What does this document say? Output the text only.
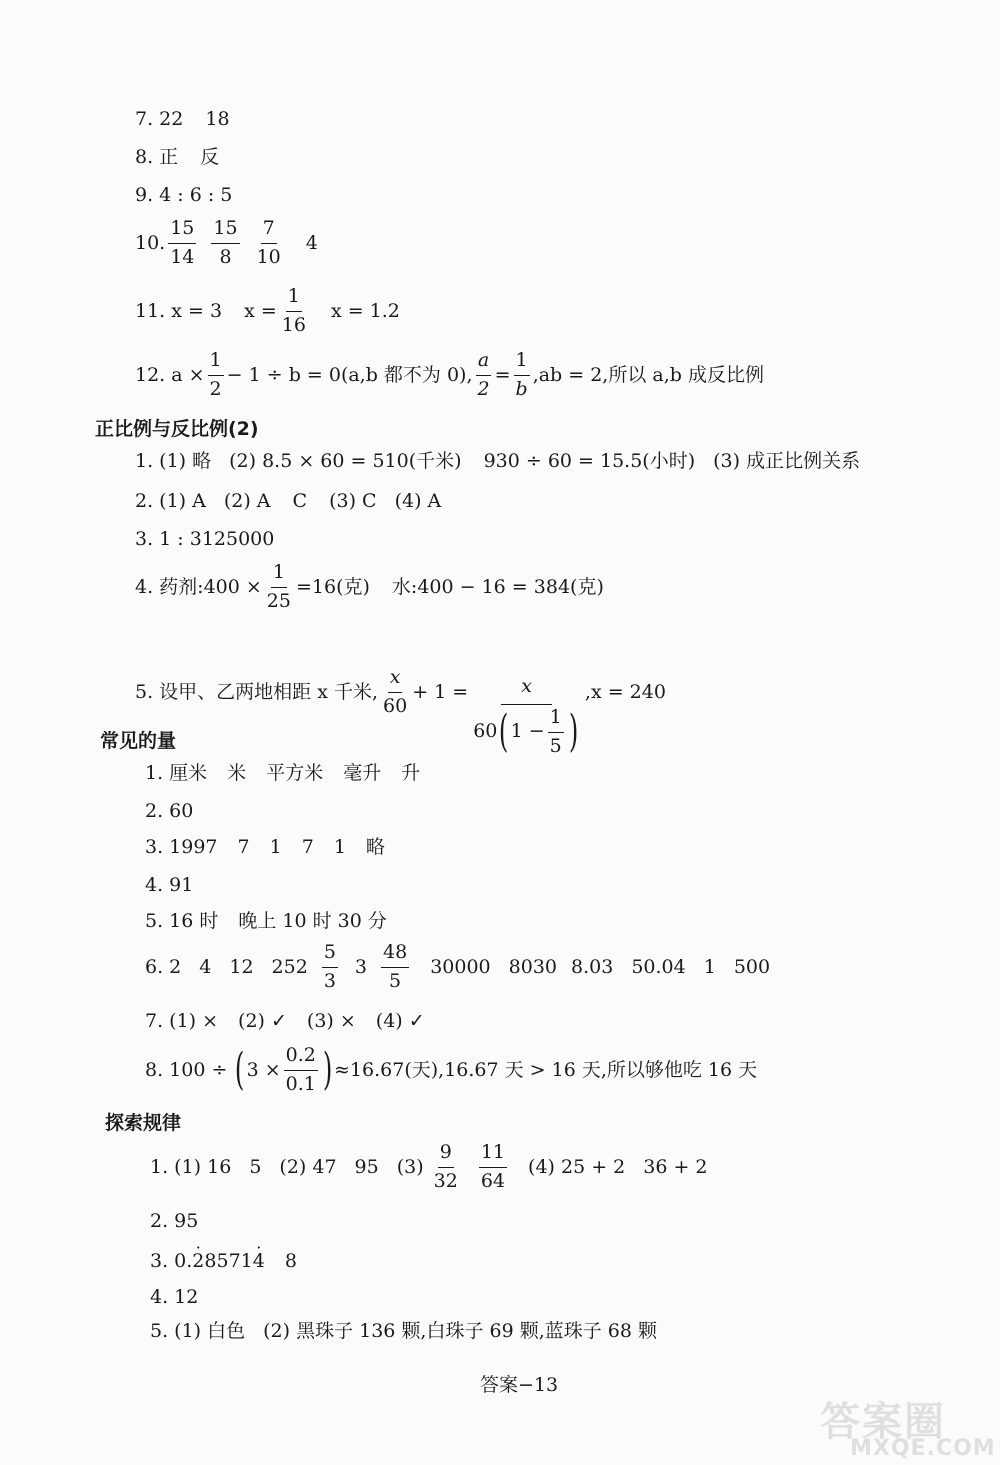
7. 22 18
8. 正 反
9. 4 : 6 : 5
10. $\frac{15}{14} \frac{15}{8} \frac{7}{10} 4$
11. x = 3 $x = \frac{1}{16}$ x = 1.2
12. $a \times \frac{1}{2} - 1 \div b = 0(a,b$ 都不为 0), $\frac{a}{2} = \frac{1}{b} ,ab = 2$,所以 a,b 成反比例
正比例与反比例(2)
1. (1) 略 (2) 8.5 × 60 = 510(千米) 930 ÷ 60 = 15.5(小时) (3) 成正比例关系
2. (1) A (2) A C (3) C (4) A
3. 1 : 3125000
4. 药剂:400 × $\frac{1}{25} =16$(克) 水:400 − 16 = 384(克)
5. 设甲、乙两地相距 x 千米, $\frac{x}{60} + 1 = \frac{x}{60 ( 1 - \frac{1}{5} )} ,x = 240$
常见的量
1. 厘米 米 平方米 毫升 升
2. 60
3. 1997 7 1 7 1 略
4. 91
5. 16 时 晚上 10 时 30 分
6. 2 4 12 $252 \frac{5}{3} 3 \frac{48}{5} 30000$ 8030 8.03 50.04 1 500
7. (1) × (2) ✓ (3) × (4) ✓
8. 100 ÷ ( $3 \times \frac{0.2}{0.1}$ ) ≈16.67(天),16.67 天 > 16 天,所以够他吃 16 天
探索规律
1. (1) 16 5 (2) 47 95 $(3) \frac{9}{32} \frac{11}{64} (4) 25 + 2$ 36 + 2
2. 95
3. 0. 2 · 8571 4 · 8
4. 12
5. (1) 白色 (2) 黑珠子 136 颗,白珠子 69 颗,蓝珠子 68 颗
答案−13
答案圈
MXQE.COM
